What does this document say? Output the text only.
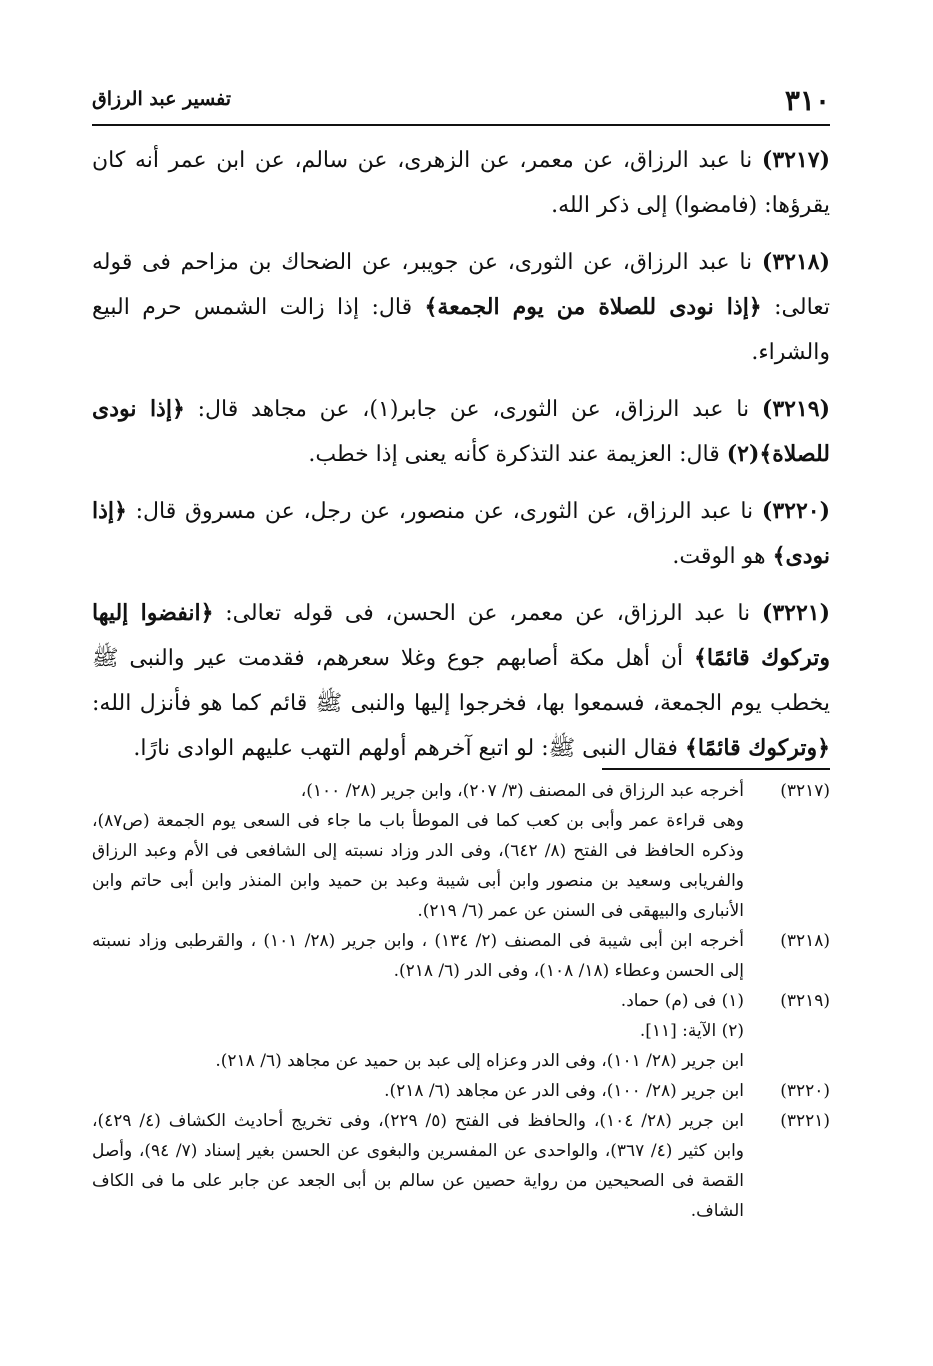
٣١٠
تفسير عبد الرزاق

(٣٢١٧) نا عبد الرزاق، عن معمر، عن الزهرى، عن سالم، عن ابن عمر أنه كان يقرؤها: (فامضوا) إلى ذكر الله.

(٣٢١٨) نا عبد الرزاق، عن الثورى، عن جويبر، عن الضحاك بن مزاحم فى قوله تعالى: ﴿إذا نودى للصلاة من يوم الجمعة﴾ قال: إذا زالت الشمس حرم البيع والشراء.

(٣٢١٩) نا عبد الرزاق، عن الثورى، عن جابر(١)، عن مجاهد قال: ﴿إذا نودى للصلاة﴾(٢) قال: العزيمة عند التذكرة كأنه يعنى إذا خطب.

(٣٢٢٠) نا عبد الرزاق، عن الثورى، عن منصور، عن رجل، عن مسروق قال: ﴿إذا نودى﴾ هو الوقت.

(٣٢٢١) نا عبد الرزاق، عن معمر، عن الحسن، فى قوله تعالى: ﴿انفضوا إليها وتركوك قائمًا﴾ أن أهل مكة أصابهم جوع وغلا سعرهم، فقدمت عير والنبى ﷺ يخطب يوم الجمعة، فسمعوا بها، فخرجوا إليها والنبى ﷺ قائم كما هو فأنزل الله: ﴿وتركوك قائمًا﴾ فقال النبى ﷺ: لو اتبع آخرهم أولهم التهب عليهم الوادى نارًا.

(٣٢١٧)

أخرجه عبد الرزاق فى المصنف (٣/ ٢٠٧)، وابن جرير (٢٨/ ١٠٠)،

وهى قراءة عمر وأبى بن كعب كما فى الموطأ باب ما جاء فى السعى يوم الجمعة (ص٨٧)، وذكره الحافظ فى الفتح (٨/ ٦٤٢)، وفى الدر وزاد نسبته إلى الشافعى فى الأم وعبد الرزاق والفريابى وسعيد بن منصور وابن أبى شيبة وعبد بن حميد وابن المنذر وابن أبى حاتم وابن الأنبارى والبيهقى فى السنن عن عمر (٦/ ٢١٩).

(٣٢١٨)

أخرجه ابن أبى شيبة فى المصنف (٢/ ١٣٤) ، وابن جرير (٢٨/ ١٠١) ، والقرطبى وزاد نسبته إلى الحسن وعطاء (١٨/ ١٠٨)، وفى الدر (٦/ ٢١٨).

(٣٢١٩)

(١) فى (م) حماد.

(٢) الآية: [١١].

ابن جرير (٢٨/ ١٠١)، وفى الدر وعزاه إلى عبد بن حميد عن مجاهد (٦/ ٢١٨).

(٣٢٢٠)

ابن جرير (٢٨/ ١٠٠)، وفى الدر عن مجاهد (٦/ ٢١٨).

(٣٢٢١)

ابن جرير (٢٨/ ١٠٤)، والحافظ فى الفتح (٥/ ٢٢٩)، وفى تخريج أحاديث الكشاف (٤/ ٤٢٩)، وابن كثير (٤/ ٣٦٧)، والواحدى عن المفسرين والبغوى عن الحسن بغير إسناد (٧/ ٩٤)، وأصل القصة فى الصحيحين من رواية حصين عن سالم بن أبى الجعد عن جابر على ما فى الكاف الشاف.
